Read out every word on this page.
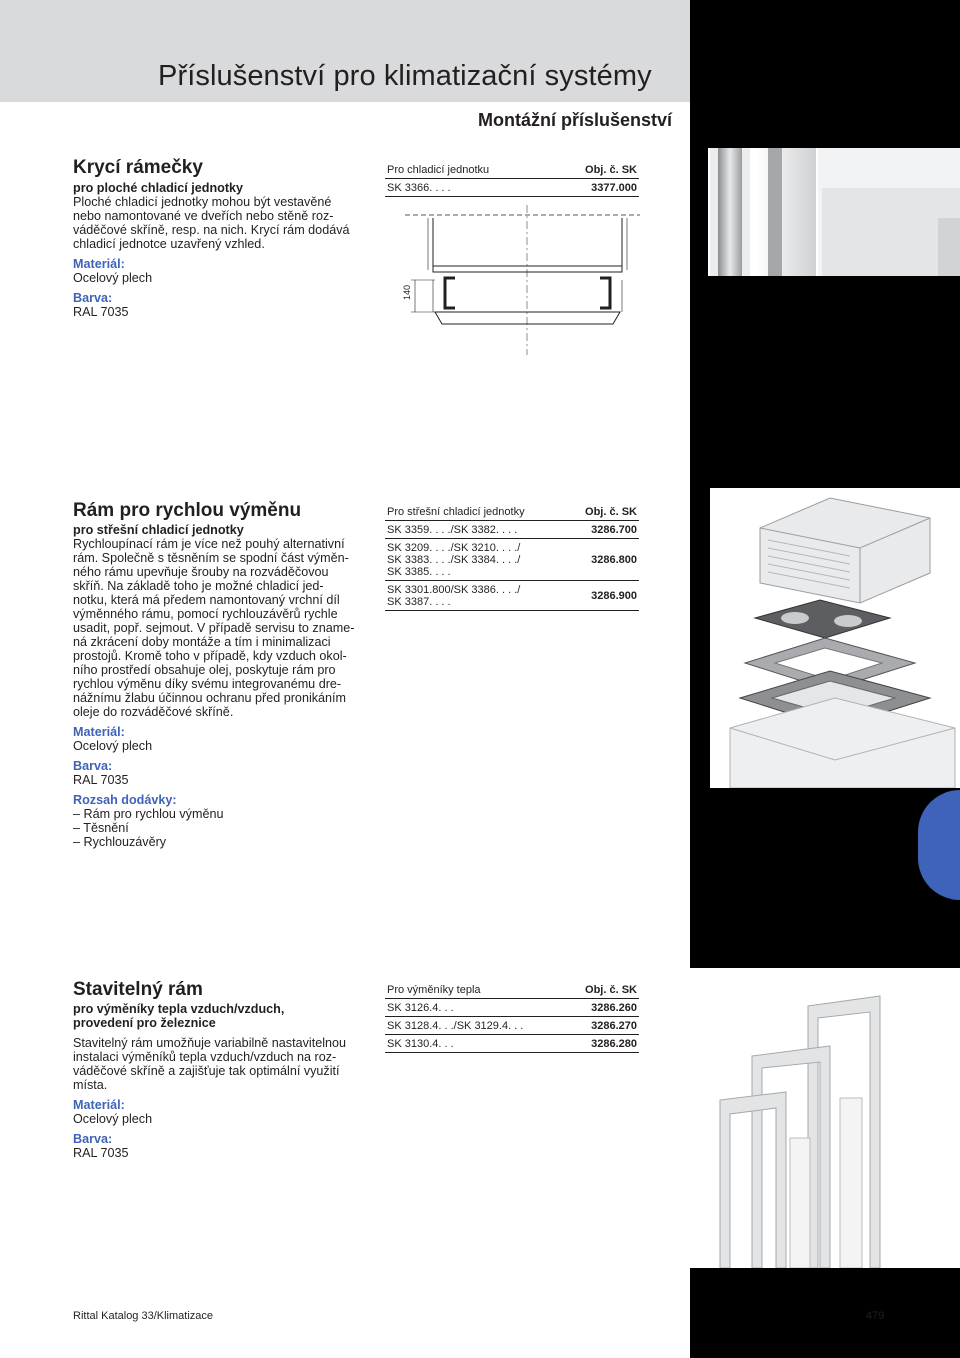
Příslušenství pro klimatizační systémy
Montážní příslušenství
Krycí rámečky

pro ploché chladicí jednotky

Ploché chladicí jednotky mohou být vestavěné

nebo namontované ve dveřích nebo stěně roz-

váděčové skříně, resp. na nich. Krycí rám dodává

chladicí jednotce uzavřený vzhled.

Materiál:

Ocelový plech

Barva:

RAL 7035

Pro chladicí jednotku	Obj. č. SK
SK 3366. . . .	3377.000
140
Rám pro rychlou výměnu

pro střešní chladicí jednotky

Rychloupínací rám je více než pouhý alternativní

rám. Společně s těsněním se spodní část výměn-

ného rámu upevňuje šrouby na rozváděčovou

skříň. Na základě toho je možné chladicí jed-

notku, která má předem namontovaný vrchní díl

výměnného rámu, pomocí rychlouzávěrů rychle

usadit, popř. sejmout. V případě servisu to znamе-

ná zkrácení doby montáže a tím i minimalizaci

prostojů. Kromě toho v případě, kdy vzduch okol-

ního prostředí obsahuje olej, poskytuje rám pro

rychlou výměnu díky svému integrovanému dre-

nážnímu žlabu účinnou ochranu před pronikáním

oleje do rozváděčové skříně.

Materiál:

Ocelový plech

Barva:

RAL 7035

Rozsah dodávky:

– Rám pro rychlou výměnu

– Těsnění

– Rychlouzávěry

Pro střešní chladicí jednotky	Obj. č. SK

SK 3359. . . ./SK 3382. . . .	3286.700

SK 3209. . . ./SK 3210. . . ./
SK 3383. . . ./SK 3384. . . ./
SK 3385. . . .	3286.800

SK 3301.800/SK 3386. . . ./
SK 3387. . . .	3286.900
Stavitelný rám

pro výměníky tepla vzduch/vzduch,

provedení pro železnice

Stavitelný rám umožňuje variabilně nastavitelnou

instalaci výměníků tepla vzduch/vzduch na roz-

váděčové skříně a zajišťuje tak optimální využití

místa.

Materiál:

Ocelový plech

Barva:

RAL 7035

Pro výměníky tepla	Obj. č. SK
SK 3126.4. . .	3286.260
SK 3128.4. . ./SK 3129.4. . .	3286.270
SK 3130.4. . .	3286.280
Rittal Katalog 33/Klimatizace	479
